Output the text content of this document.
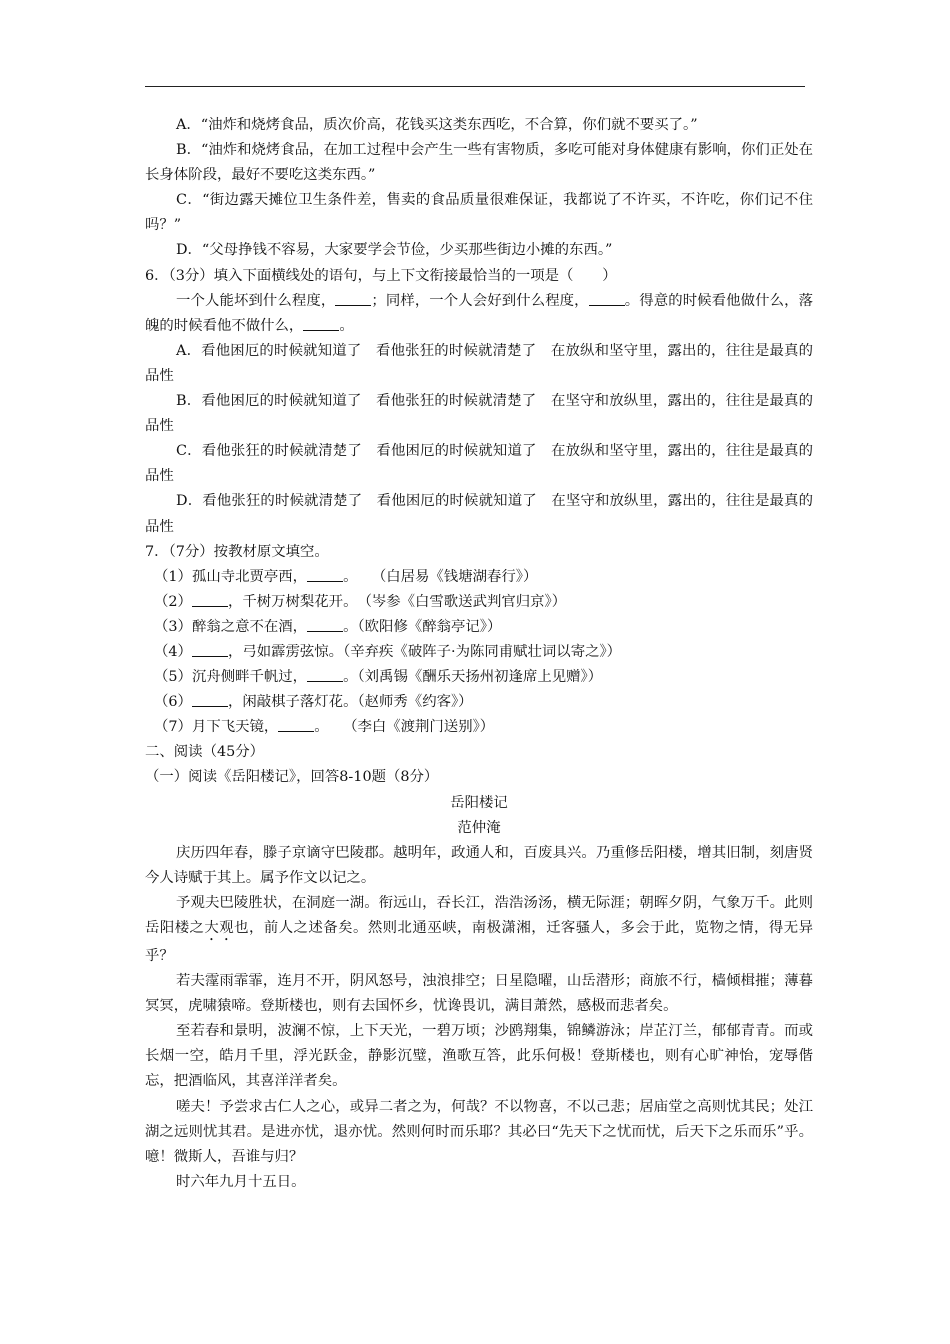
A．“油炸和烧烤食品，质次价高，花钱买这类东西吃，不合算，你们就不要买了。”

B．“油炸和烧烤食品，在加工过程中会产生一些有害物质，多吃可能对身体健康有影响，你们正处在长身体阶段，最好不要吃这类东西。”

C．“街边露天摊位卫生条件差，售卖的食品质量很难保证，我都说了不许买，不许吃，你们记不住吗？”

D．“父母挣钱不容易，大家要学会节俭，少买那些街边小摊的东西。”

6．（3分）填入下面横线处的语句，与上下文衔接最恰当的一项是（　　）

一个人能坏到什么程度，	；同样，一个人会好到什么程度，	。得意的时候看他做什么，落魄的时候看他不做什么，	。

A．看他困厄的时候就知道了　看他张狂的时候就清楚了　在放纵和坚守里，露出的，往往是最真的品性

B．看他困厄的时候就知道了　看他张狂的时候就清楚了　在坚守和放纵里，露出的，往往是最真的品性

C．看他张狂的时候就清楚了　看他困厄的时候就知道了　在放纵和坚守里，露出的，往往是最真的品性

D．看他张狂的时候就清楚了　看他困厄的时候就知道了　在坚守和放纵里，露出的，往往是最真的品性

7．（7分）按教材原文填空。

（1）孤山寺北贾亭西，	。　　（白居易《钱塘湖春行》）

（2）	，千树万树梨花开。　（岑参《白雪歌送武判官归京》）

（3）醉翁之意不在酒，	。（欧阳修《醉翁亭记》）

（4）	，弓如霹雳弦惊。（辛弃疾《破阵子·为陈同甫赋壮词以寄之》）

（5）沉舟侧畔千帆过，	。（刘禹锡《酬乐天扬州初逢席上见赠》）

（6）	，闲敲棋子落灯花。（赵师秀《约客》）

（7）月下飞天镜，	。　　（李白《渡荆门送别》）

二、阅读（45分）

（一）阅读《岳阳楼记》，回答8-10题（8分）

岳阳楼记

范仲淹

庆历四年春，滕子京谪守巴陵郡。越明年，政通人和，百废具兴。乃重修岳阳楼，增其旧制，刻唐贤今人诗赋于其上。属予作文以记之。

予观夫巴陵胜状，在洞庭一湖。衔远山，吞长江，浩浩汤汤，横无际涯；朝晖夕阴，气象万千。此则岳阳楼之大观也，前人之述备矣。然则北通巫峡，南极潇湘，迁客骚人，多会于此，览物之情，得无异乎？

若夫霪雨霏霏，连月不开，阴风怒号，浊浪排空；日星隐曜，山岳潜形；商旅不行，樯倾楫摧；薄暮冥冥，虎啸猿啼。登斯楼也，则有去国怀乡，忧谗畏讥，满目萧然，感极而悲者矣。

至若春和景明，波澜不惊，上下天光，一碧万顷；沙鸥翔集，锦鳞游泳；岸芷汀兰，郁郁青青。而或长烟一空，皓月千里，浮光跃金，静影沉璧，渔歌互答，此乐何极！登斯楼也，则有心旷神怡，宠辱偕忘，把酒临风，其喜洋洋者矣。

嗟夫！予尝求古仁人之心，或异二者之为，何哉？不以物喜，不以己悲；居庙堂之高则忧其民；处江湖之远则忧其君。是进亦忧，退亦忧。然则何时而乐耶？其必曰“先天下之忧而忧，后天下之乐而乐”乎。噫！微斯人，吾谁与归？

时六年九月十五日。
